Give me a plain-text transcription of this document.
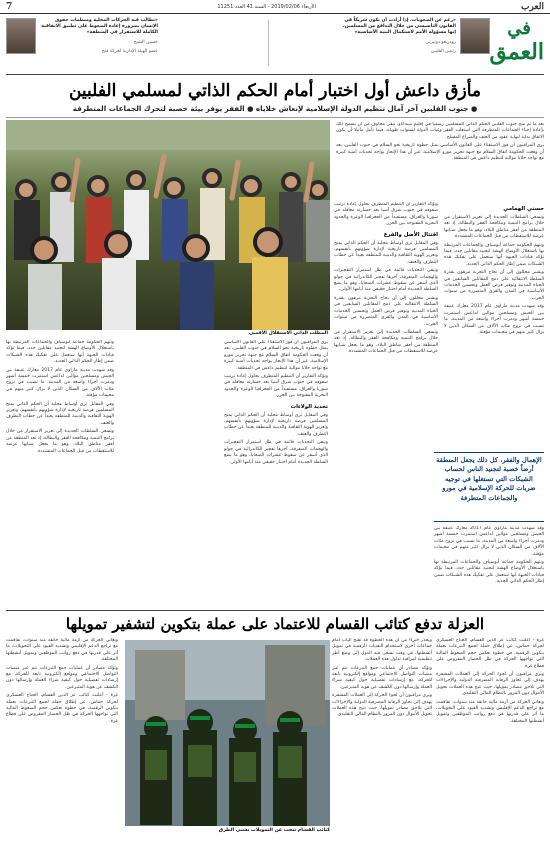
العرب
الأربعاء 2019/02/06 - السنة 41 العدد 11251
7
في
العمق
«رغم عن الصعوبات، إذا أرادت أن تكون شريكاً في القانون التأسيسي من خلال التدافع من المسلمين، إنها مسؤولة الأمم لاستكمال البنية الأساسية»
رودريغو دوتيرتي
رئيس الفلبين
«تطالب فيه الحركات المحلية ومنظمات حقوق الإنسان بضرورة إعادة الضغوط على تطبيق الاتفاقية الكاملة للاستقرار في المنطقة»
حسين الشيخ
عضو الهيئة الإدارية لحركة فتح
مأزق داعش أول اختبار أمام الحكم الذاتي لمسلمي الفلبين
● جنوب الفلبين آخر آمال تنظيم الدولة الإسلامية لإنعاش خلاياه ● الفقر يوفر بيئة خصبة لتحرك الجماعات المتطرفة

بعد ما تم منح جنوب الفلبين الحكم الذاتي للمسلمين رسمياً في إقليم مينداناو، تبقى مخاوف من أن يسمح ذلك بإعادة إحياء الجماعات المتطرفة التي استغلت الفقر وغياب الدولة لسنوات طويلة، فيما تأمل مانيلا أن يكون الاتفاق بداية لنهاية عقود من العنف والصراع المسلح.

يرى المراقبون أن فوز الاستفتاء على القانون الأساسي يمثل خطوة تاريخية نحو السلام في جنوب الفلبين، بعد أن وقعت الحكومة اتفاق السلام مع جبهة تحرير مورو الإسلامية، غير أن هذا الإنجاز يواجه تحديات أمنية كبيرة مع تواجد خلايا موالية لتنظيم داعش في المنطقة.

حسني الهمامي

وتسعى السلطات الجديدة إلى تعزيز الاستقرار من خلال برامج التنمية ومكافحة الفقر والبطالة، إذ تعد المنطقة من أفقر مناطق البلاد، وهو ما يجعل شبابها عرضة للاستقطاب من قبل الجماعات المتشددة.

وتتهم الحكومة جماعة أبوسياف والجماعات المرتبطة بها باستغلال الأوضاع الهشة لتجنيد مقاتلين جدد، فيما تؤكد قيادات الجبهة أنها ستعمل على تفكيك هذه الشبكات ضمن إطار الحكم الذاتي الجديد.

ويشير محللون إلى أن نجاح التجربة مرهون بقدرة السلطة الانتقالية على دمج المقاتلين السابقين في الحياة المدنية وتوفير فرص العمل وتحسين الخدمات الأساسية في المدن والقرى المتضررة من سنوات الحرب.

وقد شهدت مدينة ماراوي عام 2017 معارك عنيفة بين الجيش ومسلحين موالين لداعش استمرت خمسة أشهر ودمرت أجزاء واسعة من المدينة، ما تسبب في نزوح مئات الآلاف من السكان الذين لا يزال كثير منهم في مخيمات مؤقتة.

وتؤكد التقارير أن التنظيم المتطرف يحاول إعادة ترتيب صفوفه في جنوب شرق آسيا بعد خسارته معاقله في سوريا والعراق، مستفيداً من الجغرافيا الوعرة والحدود البحرية المفتوحة بين الجزر.

اقتتال الأصل والفرع

وفي المقابل ترى أوساط محلية أن الحكم الذاتي يمنح المسلمين فرصة تاريخية لإدارة شؤونهم بأنفسهم، وتعزيز الهوية الثقافية والدينية للمنطقة بعيداً عن خطاب التطرف والعنف.

وتبقى التحديات قائمة في ظل استمرار التفجيرات والهجمات المتفرقة، آخرها تفجير الكاتدرائية في جولو الذي أسفر عن سقوط عشرات الضحايا، وهو ما يضع السلطة الجديدة أمام اختبار حقيقي منذ أيامها الأولى.

ويشير محللون إلى أن نجاح التجربة مرهون بقدرة السلطة الانتقالية على دمج المقاتلين السابقين في الحياة المدنية وتوفير فرص العمل وتحسين الخدمات الأساسية في المدن والقرى المتضررة من سنوات الحرب.

وتسعى السلطات الجديدة إلى تعزيز الاستقرار من خلال برامج التنمية ومكافحة الفقر والبطالة، إذ تعد المنطقة من أفقر مناطق البلاد، وهو ما يجعل شبابها عرضة للاستقطاب من قبل الجماعات المتشددة.

الإهمال والفقر، كل ذلك يجعل المنطقة أرضاً خصبة لتجنيد الناس لحساب الشبكات التي تستغلها في توجيه ضربات للحركة الإسلامية في مورو والجماعات المتطرفة

وقد شهدت مدينة ماراوي عام 2017 معارك عنيفة بين الجيش ومسلحين موالين لداعش استمرت خمسة أشهر ودمرت أجزاء واسعة من المدينة، ما تسبب في نزوح مئات الآلاف من السكان الذين لا يزال كثير منهم في مخيمات مؤقتة.

وتتهم الحكومة جماعة أبوسياف والجماعات المرتبطة بها باستغلال الأوضاع الهشة لتجنيد مقاتلين جدد، فيما تؤكد قيادات الجبهة أنها ستعمل على تفكيك هذه الشبكات ضمن إطار الحكم الذاتي الجديد.

المطلب الذاتي الاستقلال الأقصى

يرى المراقبون أن فوز الاستفتاء على القانون الأساسي يمثل خطوة تاريخية نحو السلام في جنوب الفلبين، بعد أن وقعت الحكومة اتفاق السلام مع جبهة تحرير مورو الإسلامية، غير أن هذا الإنجاز يواجه تحديات أمنية كبيرة مع تواجد خلايا موالية لتنظيم داعش في المنطقة.

وتؤكد التقارير أن التنظيم المتطرف يحاول إعادة ترتيب صفوفه في جنوب شرق آسيا بعد خسارته معاقله في سوريا والعراق، مستفيداً من الجغرافيا الوعرة والحدود البحرية المفتوحة بين الجزر.

تحديد الولاءات

وفي المقابل ترى أوساط محلية أن الحكم الذاتي يمنح المسلمين فرصة تاريخية لإدارة شؤونهم بأنفسهم، وتعزيز الهوية الثقافية والدينية للمنطقة بعيداً عن خطاب التطرف والعنف.

وتبقى التحديات قائمة في ظل استمرار التفجيرات والهجمات المتفرقة، آخرها تفجير الكاتدرائية في جولو الذي أسفر عن سقوط عشرات الضحايا، وهو ما يضع السلطة الجديدة أمام اختبار حقيقي منذ أيامها الأولى.

وتتهم الحكومة جماعة أبوسياف والجماعات المرتبطة بها باستغلال الأوضاع الهشة لتجنيد مقاتلين جدد، فيما تؤكد قيادات الجبهة أنها ستعمل على تفكيك هذه الشبكات ضمن إطار الحكم الذاتي الجديد.

وقد شهدت مدينة ماراوي عام 2017 معارك عنيفة بين الجيش ومسلحين موالين لداعش استمرت خمسة أشهر ودمرت أجزاء واسعة من المدينة، ما تسبب في نزوح مئات الآلاف من السكان الذين لا يزال كثير منهم في مخيمات مؤقتة.

وفي المقابل ترى أوساط محلية أن الحكم الذاتي يمنح المسلمين فرصة تاريخية لإدارة شؤونهم بأنفسهم، وتعزيز الهوية الثقافية والدينية للمنطقة بعيداً عن خطاب التطرف والعنف.

وتسعى السلطات الجديدة إلى تعزيز الاستقرار من خلال برامج التنمية ومكافحة الفقر والبطالة، إذ تعد المنطقة من أفقر مناطق البلاد، وهو ما يجعل شبابها عرضة للاستقطاب من قبل الجماعات المتشددة.

العزلة تدفع كتائب القسام للاعتماد على عملة بتكوين لتشفير تمويلها

غزة - أعلنت كتائب عز الدين القسام، الجناح العسكري لحركة حماس، عن إطلاق حملة لجمع التبرعات بعملة بتكوين الرقمية، في خطوة تعكس حجم الضغوط المالية التي تواجهها الحركة في ظل الحصار المفروض على قطاع غزة.

ويرى مراقبون أن لجوء الحركة إلى العملات المشفرة يهدف إلى تجاوز الرقابة المصرفية الدولية والإجراءات التي تلاحق مصادر تمويلها، حيث تتيح هذه العملات تحويل الأموال دون المرور بالنظام المالي التقليدي.

وتعاني الحركة من أزمة مالية خانقة منذ سنوات، تفاقمت مع تراجع الدعم الإقليمي وتشديد القيود على التحويلات، ما أثر على قدرتها في دفع رواتب الموظفين وتمويل أنشطتها المختلفة.

ويحذر خبراء من أن هذه الخطوة قد تفتح الباب أمام جماعات أخرى لاستخدام التقنيات الرقمية في تمويل أنشطتها، في وقت تسعى فيه الدول إلى وضع أطر تنظيمية لمراقبة تداول هذه العملات.

وتؤكد مصادر أن عمليات جمع التبرعات تتم عبر منصات التواصل الاجتماعي ومواقع إلكترونية تابعة للحركة، مع إرشادات تفصيلية حول كيفية شراء العملة وإرسالها دون الكشف عن هوية المتبرعين.

ويرى مراقبون أن لجوء الحركة إلى العملات المشفرة يهدف إلى تجاوز الرقابة المصرفية الدولية والإجراءات التي تلاحق مصادر تمويلها، حيث تتيح هذه العملات تحويل الأموال دون المرور بالنظام المالي التقليدي.

كتائب القسام تبحث عن التمويلات بشتى الطرق

وتعاني الحركة من أزمة مالية خانقة منذ سنوات، تفاقمت مع تراجع الدعم الإقليمي وتشديد القيود على التحويلات، ما أثر على قدرتها في دفع رواتب الموظفين وتمويل أنشطتها المختلفة.

وتؤكد مصادر أن عمليات جمع التبرعات تتم عبر منصات التواصل الاجتماعي ومواقع إلكترونية تابعة للحركة، مع إرشادات تفصيلية حول كيفية شراء العملة وإرسالها دون الكشف عن هوية المتبرعين.

غزة - أعلنت كتائب عز الدين القسام، الجناح العسكري لحركة حماس، عن إطلاق حملة لجمع التبرعات بعملة بتكوين الرقمية، في خطوة تعكس حجم الضغوط المالية التي تواجهها الحركة في ظل الحصار المفروض على قطاع غزة.
